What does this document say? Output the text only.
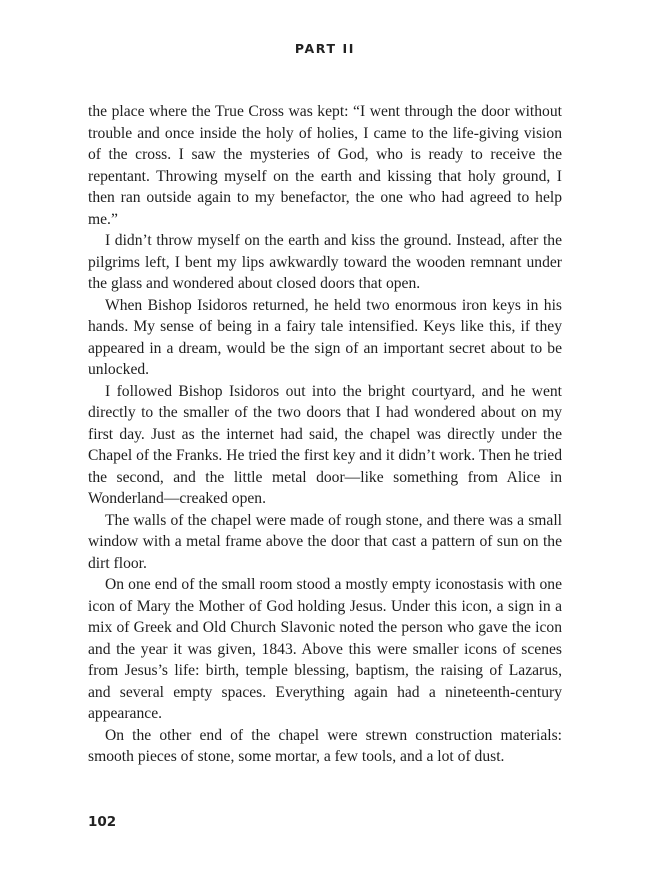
PART II

the place where the True Cross was kept: “I went through the door without trouble and once inside the holy of holies, I came to the life-giving vision of the cross. I saw the mysteries of God, who is ready to receive the repentant. Throwing myself on the earth and kissing that holy ground, I then ran outside again to my benefactor, the one who had agreed to help me.”

I didn’t throw myself on the earth and kiss the ground. Instead, after the pilgrims left, I bent my lips awkwardly toward the wooden remnant under the glass and wondered about closed doors that open.

When Bishop Isidoros returned, he held two enormous iron keys in his hands. My sense of being in a fairy tale intensified. Keys like this, if they appeared in a dream, would be the sign of an important secret about to be unlocked.

I followed Bishop Isidoros out into the bright courtyard, and he went directly to the smaller of the two doors that I had wondered about on my first day. Just as the internet had said, the chapel was directly under the Chapel of the Franks. He tried the first key and it didn’t work. Then he tried the second, and the little metal door—like something from Alice in Wonderland—creaked open.

The walls of the chapel were made of rough stone, and there was a small window with a metal frame above the door that cast a pattern of sun on the dirt floor.

On one end of the small room stood a mostly empty iconostasis with one icon of Mary the Mother of God holding Jesus. Under this icon, a sign in a mix of Greek and Old Church Slavonic noted the person who gave the icon and the year it was given, 1843. Above this were smaller icons of scenes from Jesus’s life: birth, temple blessing, baptism, the raising of Lazarus, and several empty spaces. Everything again had a nineteenth-century appearance.

On the other end of the chapel were strewn construction materials: smooth pieces of stone, some mortar, a few tools, and a lot of dust.

102
